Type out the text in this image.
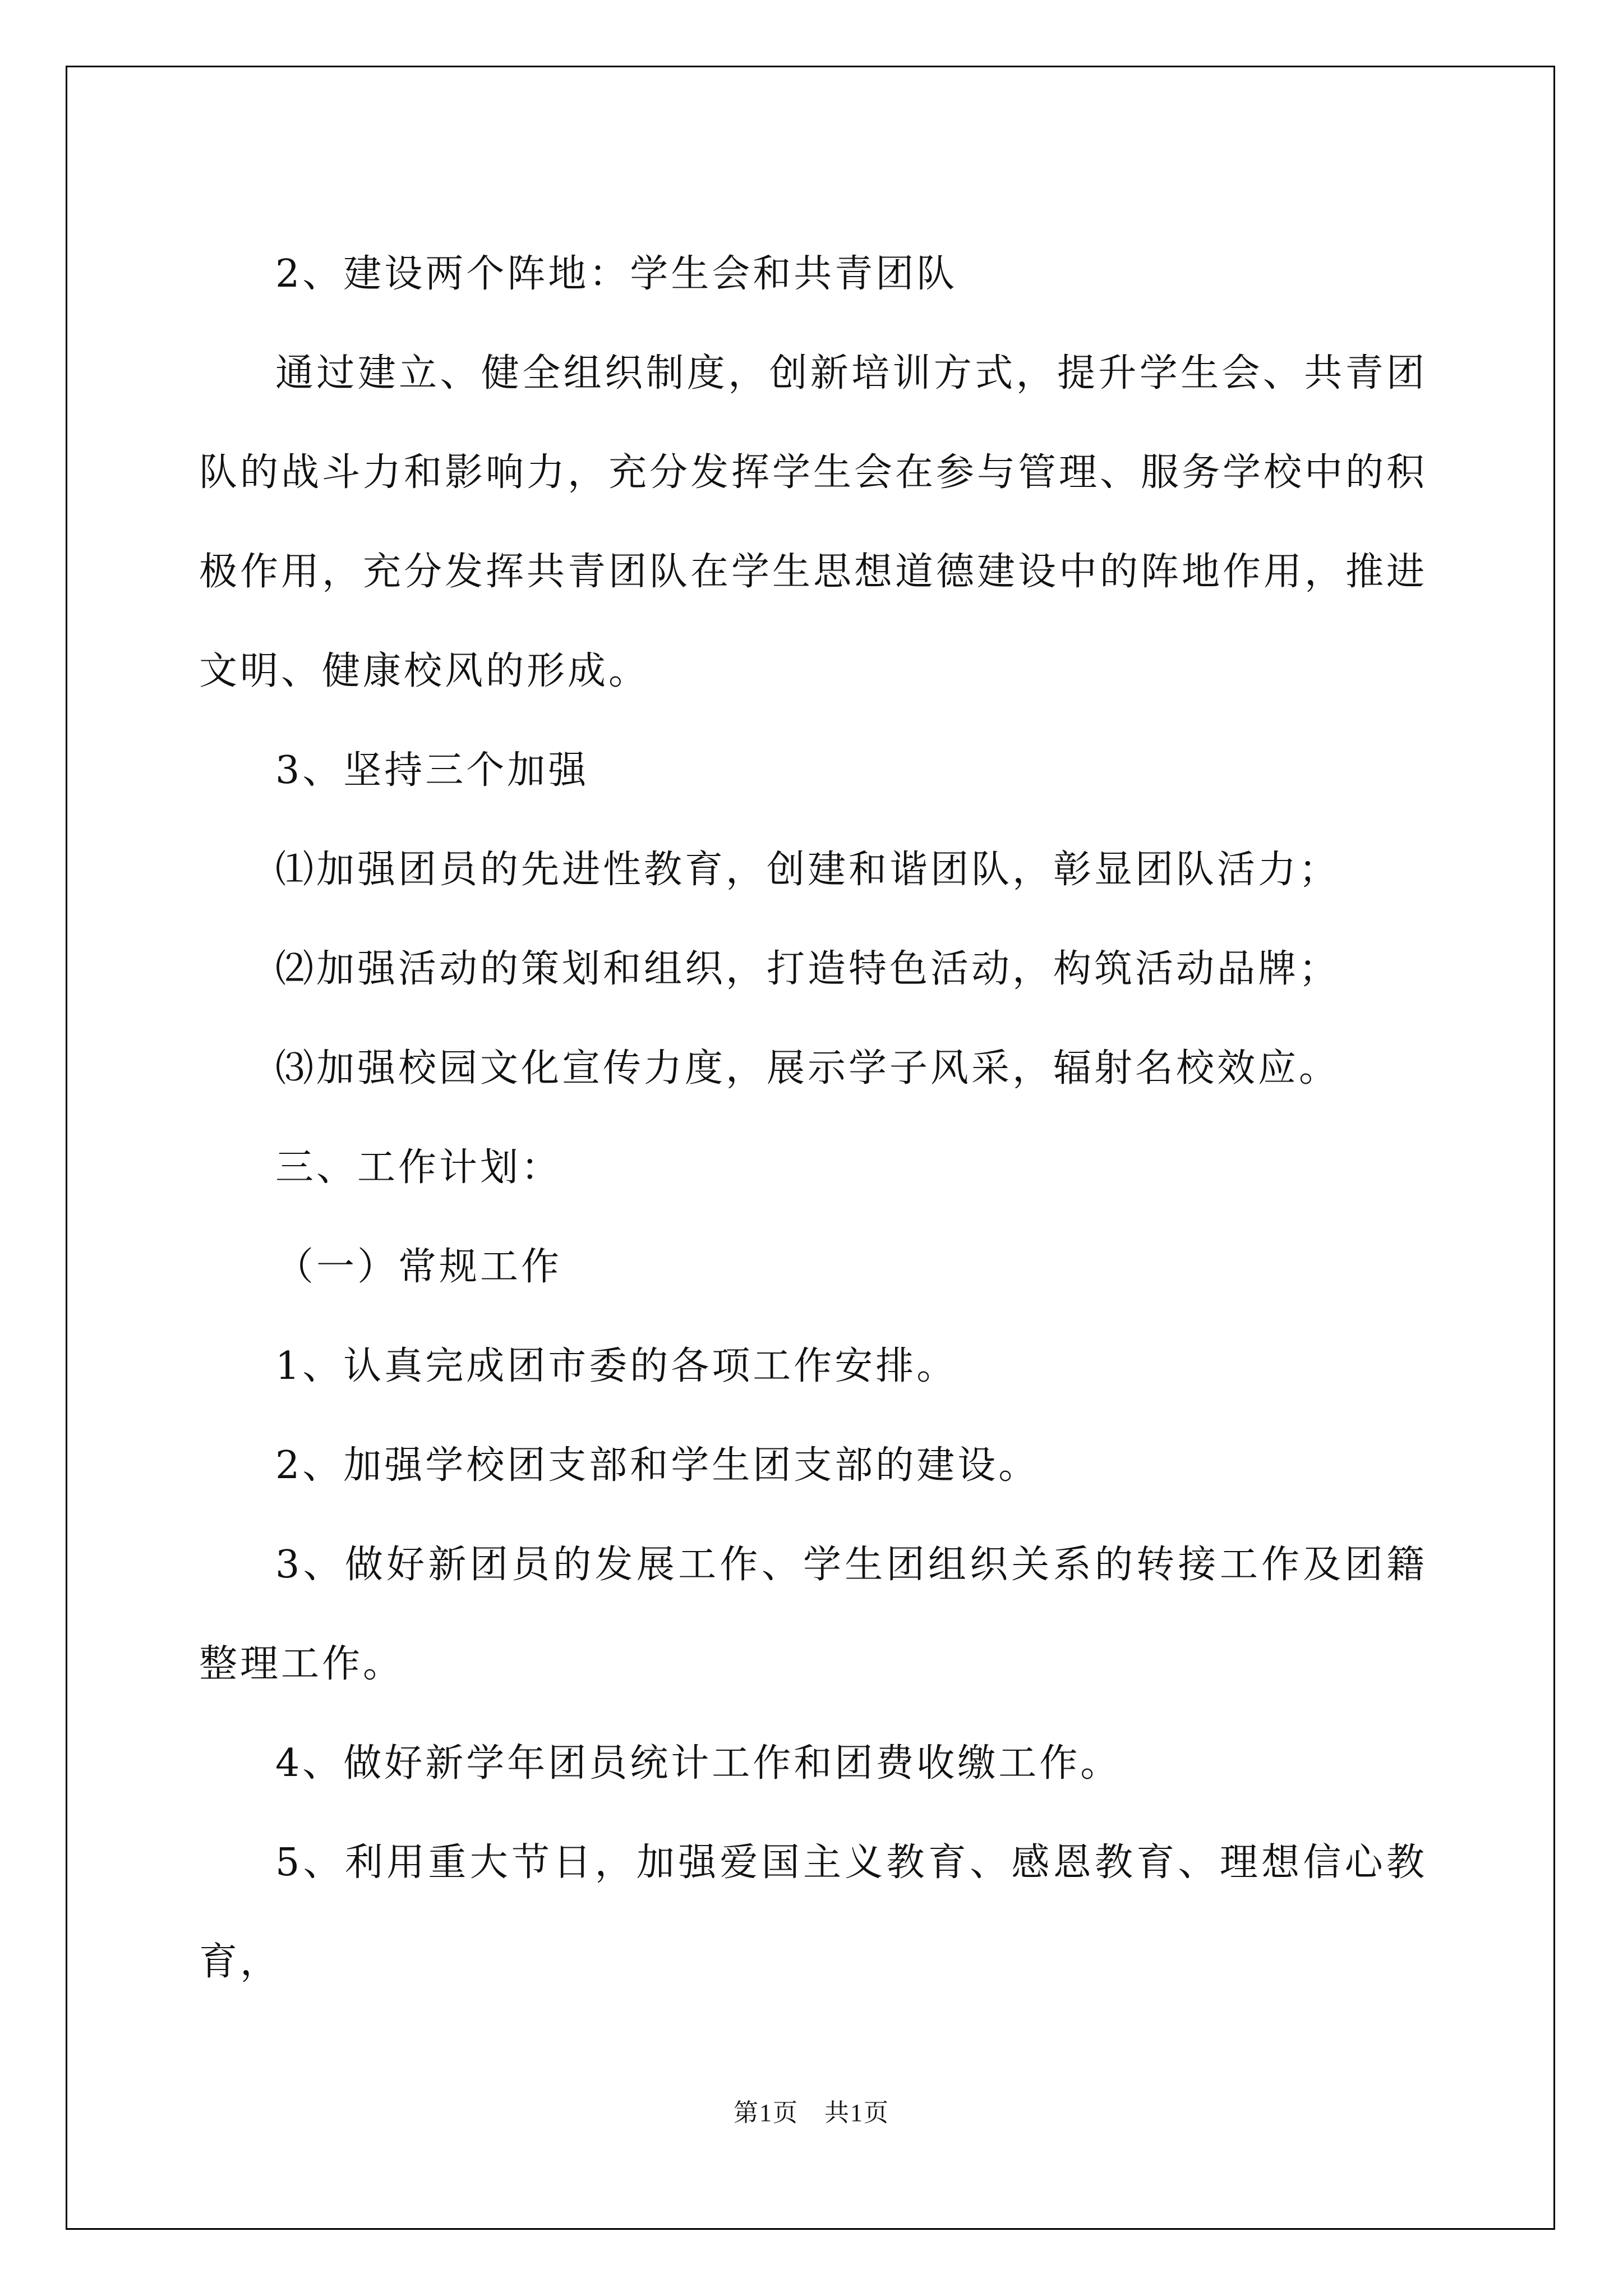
2、建设两个阵地：学生会和共青团队

通过建立、健全组织制度，创新培训方式，提升学生会、共青团队的战斗力和影响力，充分发挥学生会在参与管理、服务学校中的积极作用，充分发挥共青团队在学生思想道德建设中的阵地作用，推进文明、健康校风的形成。

3、坚持三个加强

⑴加强团员的先进性教育，创建和谐团队，彰显团队活力；

⑵加强活动的策划和组织，打造特色活动，构筑活动品牌；

⑶加强校园文化宣传力度，展示学子风采，辐射名校效应。

三、工作计划：

（一）常规工作

1、认真完成团市委的各项工作安排。

2、加强学校团支部和学生团支部的建设。

3、做好新团员的发展工作、学生团组织关系的转接工作及团籍整理工作。

4、做好新学年团员统计工作和团费收缴工作。

5、利用重大节日，加强爱国主义教育、感恩教育、理想信心教育，

第1页 共1页
